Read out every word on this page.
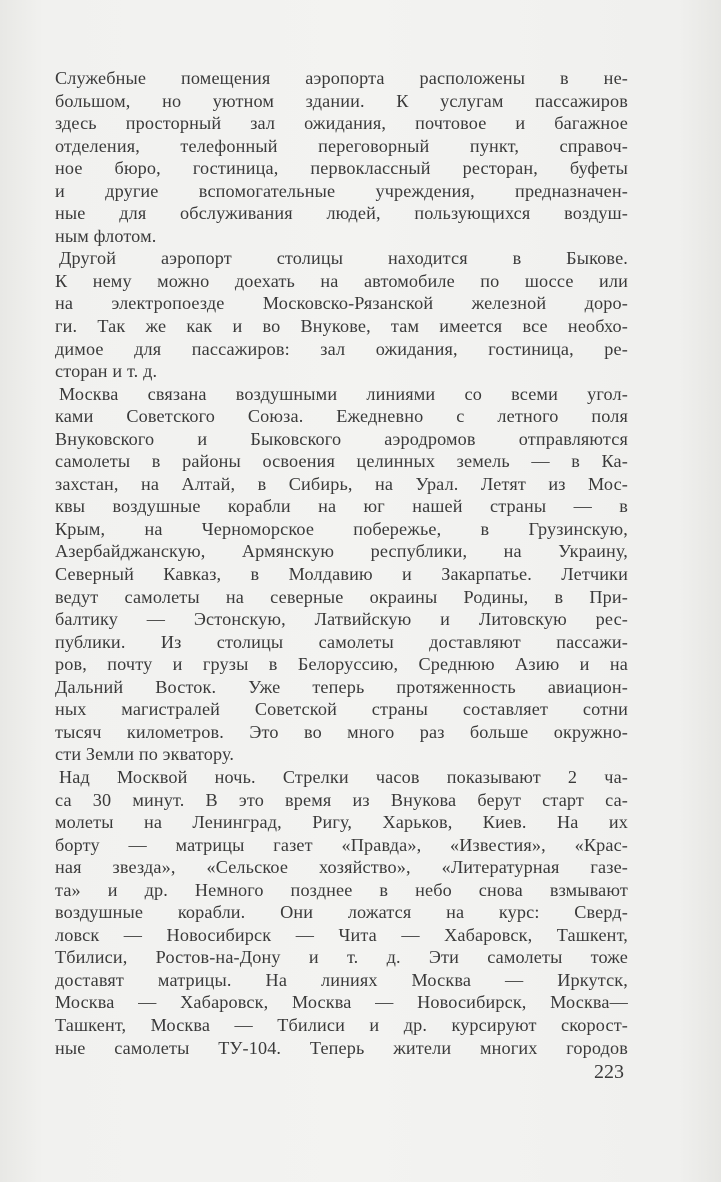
Служебные помещения аэропорта расположены в не-
большом, но уютном здании. К услугам пассажиров
здесь просторный зал ожидания, почтовое и багажное
отделения, телефонный переговорный пункт, справоч-
ное бюро, гостиница, первоклассный ресторан, буфеты
и другие вспомогательные учреждения, предназначен-
ные для обслуживания людей, пользующихся воздуш-
ным флотом.
Другой аэропорт столицы находится в Быкове.
К нему можно доехать на автомобиле по шоссе или
на электропоезде Московско-Рязанской железной доро-
ги. Так же как и во Внукове, там имеется все необхо-
димое для пассажиров: зал ожидания, гостиница, ре-
сторан и т. д.
Москва связана воздушными линиями со всеми угол-
ками Советского Союза. Ежедневно с летного поля
Внуковского и Быковского аэродромов отправляются
самолеты в районы освоения целинных земель — в Ка-
захстан, на Алтай, в Сибирь, на Урал. Летят из Мос-
квы воздушные корабли на юг нашей страны — в
Крым, на Черноморское побережье, в Грузинскую,
Азербайджанскую, Армянскую республики, на Украину,
Северный Кавказ, в Молдавию и Закарпатье. Летчики
ведут самолеты на северные окраины Родины, в При-
балтику — Эстонскую, Латвийскую и Литовскую рес-
публики. Из столицы самолеты доставляют пассажи-
ров, почту и грузы в Белоруссию, Среднюю Азию и на
Дальний Восток. Уже теперь протяженность авиацион-
ных магистралей Советской страны составляет сотни
тысяч километров. Это во много раз больше окружно-
сти Земли по экватору.
Над Москвой ночь. Стрелки часов показывают 2 ча-
са 30 минут. В это время из Внукова берут старт са-
молеты на Ленинград, Ригу, Харьков, Киев. На их
борту — матрицы газет «Правда», «Известия», «Крас-
ная звезда», «Сельское хозяйство», «Литературная газе-
та» и др. Немного позднее в небо снова взмывают
воздушные корабли. Они ложатся на курс: Сверд-
ловск — Новосибирск — Чита — Хабаровск, Ташкент,
Тбилиси, Ростов-на-Дону и т. д. Эти самолеты тоже
доставят матрицы. На линиях Москва — Иркутск,
Москва — Хабаровск, Москва — Новосибирск, Москва—
Ташкент, Москва — Тбилиси и др. курсируют скорост-
ные самолеты ТУ-104. Теперь жители многих городов
223
